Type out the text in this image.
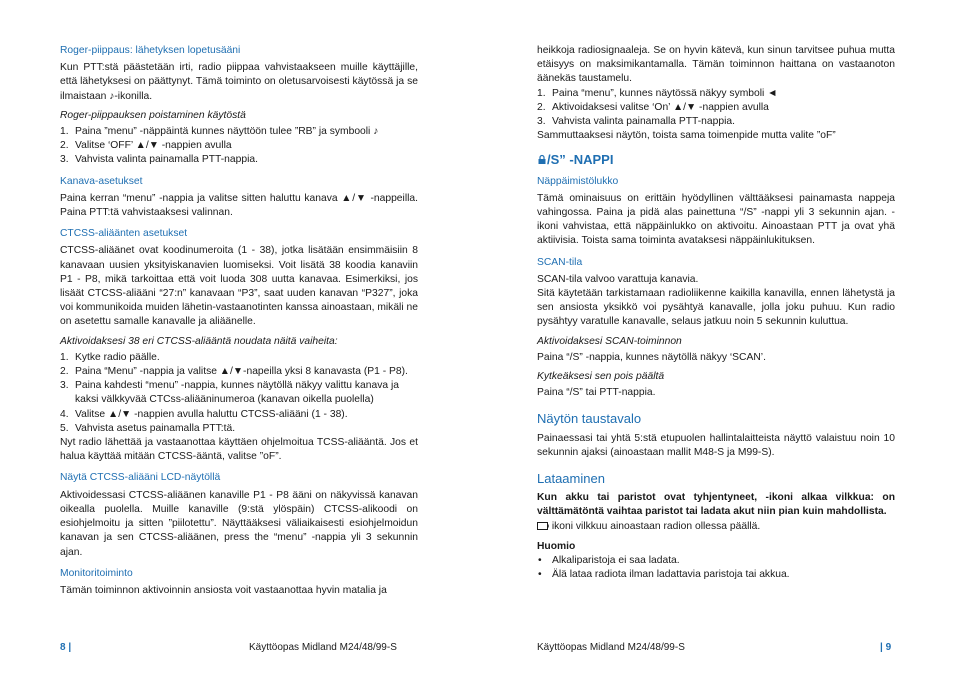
Roger-piippaus: lähetyksen lopetusääni

Kun PTT:stä päästetään irti, radio piippaa vahvistaakseen muille käyttäjille, että lähetyksesi on päättynyt. Tämä toiminto on oletusarvoisesti käytössä ja se ilmaistaan ♪-ikonilla.

Roger-piippauksen poistaminen käytöstä
1. Paina ”menu” -näppäintä kunnes näyttöön tulee ”RB” ja symbooli ♪
2. Valitse ‘OFF’ ▲/▼ -nappien avulla
3. Vahvista valinta painamalla PTT-nappia.
Kanava-asetukset

Paina kerran “menu” -nappia ja valitse sitten haluttu kanava ▲/▼ -nappeilla. Paina PTT:tä vahvistaaksesi valinnan.

CTCSS-aliäänten asetukset

CTCSS-aliäänet ovat koodinumeroita (1 - 38), jotka lisätään ensimmäisiin 8 kanavaan uusien yksityiskanavien luomiseksi. Voit lisätä 38 koodia kanaviin P1 - P8, mikä tarkoittaa että voit luoda 308 uutta kanavaa. Esimerkiksi, jos lisäät CTCSS-aliääni “27:n” kanavaan “P3”, saat uuden kanavan “P327”, joka voi kommunikoida muiden lähetin-vastaanotinten kanssa ainoastaan, mikäli ne on asetettu samalle kanavalle ja aliäänelle.

Aktivoidaksesi 38 eri CTCSS-aliääntä noudata näitä vaiheita:
1. Kytke radio päälle.
2. Paina “Menu” -nappia ja valitse ▲/▼-napeilla yksi 8 kanavasta (P1 - P8).
3. Paina kahdesti “menu” -nappia, kunnes näytöllä näkyy valittu kanava ja kaksi välkkyvää CTCss-aliääninumeroa (kanavan oikella puolella)
4. Valitse ▲/▼ -nappien avulla haluttu CTCSS-aliääni (1 - 38).
5. Vahvista asetus painamalla PTT:tä.

Nyt radio lähettää ja vastaanottaa käyttäen ohjelmoitua TCSS-aliääntä. Jos et halua käyttää mitään CTCSS-ääntä, valitse ”oF”.

Näytä CTCSS-aliääni LCD-näytöllä

Aktivoidessasi CTCSS-aliäänen kanaville P1 - P8 ääni on näkyvissä kanavan oikealla puolella. Muille kanaville (9:stä ylöspäin) CTCSS-alikoodi on esiohjelmoitu ja sitten ”piilotettu”. Näyttääksesi väliaikaisesti esiohjelmoidun kanavan ja sen CTCSS-aliäänen, press the “menu” -nappia yli 3 sekunnin ajan.

Monitoritoiminto

Tämän toiminnon aktivoinnin ansiosta voit vastaanottaa hyvin matalia ja

heikkoja radiosignaaleja. Se on hyvin kätevä, kun sinun tarvitsee puhua mutta etäisyys on maksimikantamalla. Tämän toiminnon haittana on vastaanoton äänekäs taustamelu.

1. Paina “menu”, kunnes näytössä näkyy symboli ◄
2. Aktivoidaksesi valitse ‘On’ ▲/▼ -nappien avulla
3. Vahvista valinta painamalla PTT-nappia.

Sammuttaaksesi näytön, toista sama toimenpide mutta valite ”oF”

/S” -NAPPI
Näppäimistölukko

Tämä ominaisuus on erittäin hyödyllinen välttääksesi painamasta nappeja vahingossa. Paina ja pidä alas painettuna “/S” -nappi yli 3 sekunnin ajan. -ikoni vahvistaa, että näppäinlukko on aktivoitu. Ainoastaan PTT ja ovat yhä aktiivisia. Toista sama toiminta avataksesi näppäinlukituksen.

SCAN-tila

SCAN-tila valvoo varattuja kanavia.

Sitä käytetään tarkistamaan radioliikenne kaikilla kanavilla, ennen lähetystä ja sen ansiosta yksikkö voi pysähtyä kanavalle, jolla joku puhuu. Kun radio pysähtyy varatulle kanavalle, selaus jatkuu noin 5 sekunnin kuluttua.

Aktivoidaksesi SCAN-toiminnon

Paina “/S” -nappia, kunnes näytöllä näkyy ‘SCAN’.

Kytkeäksesi sen pois päältä

Paina “/S” tai PTT-nappia.

Näytön taustavalo

Painaessasi tai yhtä 5:stä etupuolen hallintalaitteista näyttö valaistuu noin 10 sekunnin ajaksi (ainoastaan mallit M48-S ja M99-S).

Lataaminen

Kun akku tai paristot ovat tyhjentyneet, -ikoni alkaa vilkkua: on välttämätöntä vaihtaa paristot tai ladata akut niin pian kuin mahdollista.

ikoni vilkkuu ainoastaan radion ollessa päällä.

Huomio
• Alkaliparistoja ei saa ladata.
• Älä lataa radiota ilman ladattavia paristoja tai akkua.
8 |	Käyttöopas Midland M24/48/99-S	Käyttöopas Midland M24/48/99-S	| 9
